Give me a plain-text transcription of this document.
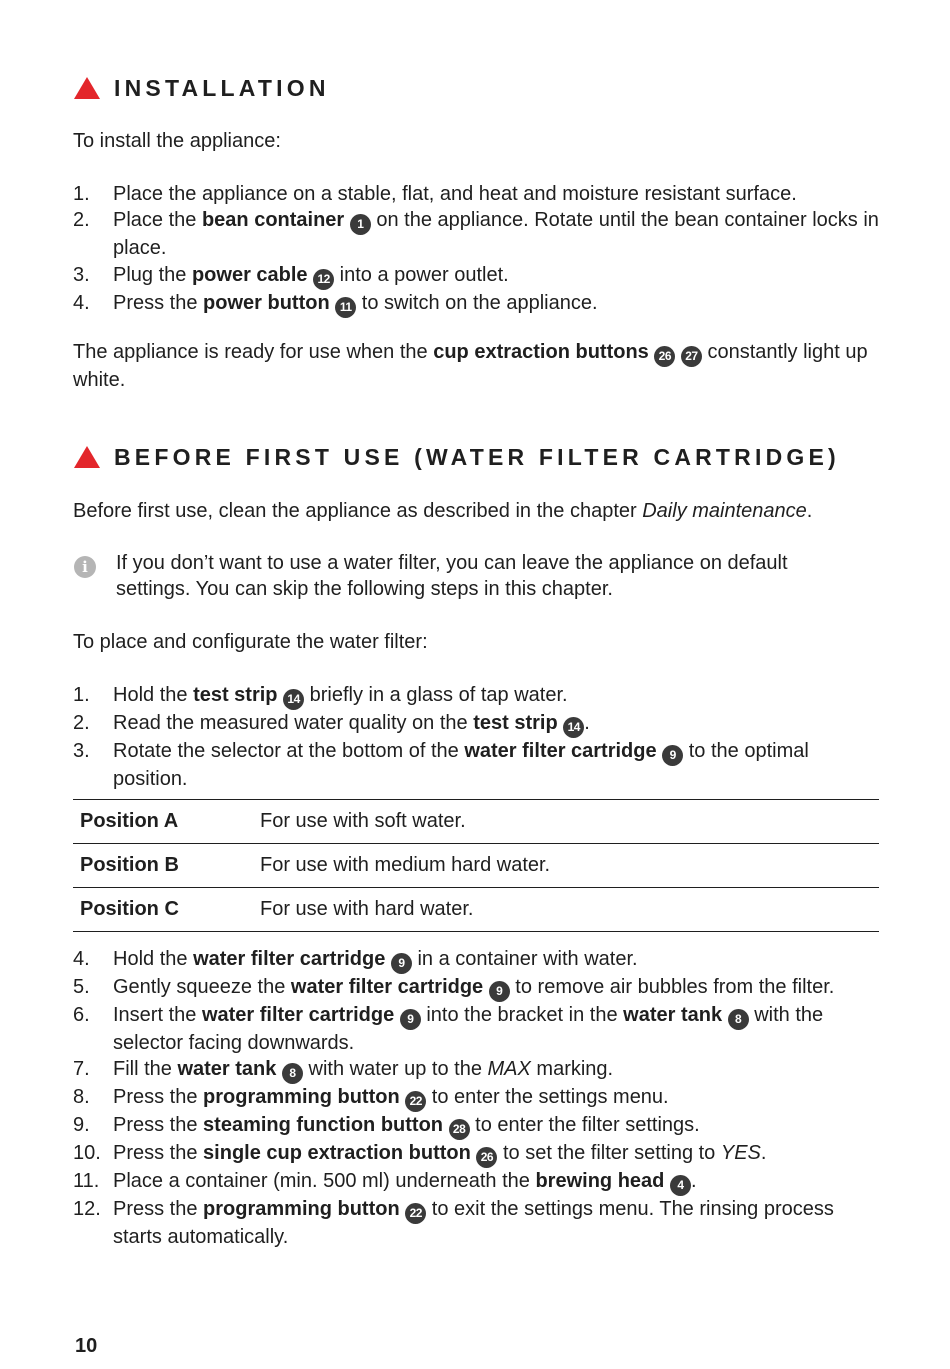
INSTALLATION
To install the appliance:
1. Place the appliance on a stable, flat, and heat and moisture resistant surface.
2. Place the bean container 1 on the appliance. Rotate until the bean container locks in place.
3. Plug the power cable 12 into a power outlet.
4. Press the power button 11 to switch on the appliance.
The appliance is ready for use when the cup extraction buttons 26 27 constantly light up white.
BEFORE FIRST USE (WATER FILTER CARTRIDGE)
Before first use, clean the appliance as described in the chapter Daily maintenance.
i	If you don’t want to use a water filter, you can leave the appliance on default settings. You can skip the following steps in this chapter.
To place and configurate the water filter:
1. Hold the test strip 14 briefly in a glass of tap water.
2. Read the measured water quality on the test strip 14 .
3. Rotate the selector at the bottom of the water filter cartridge 9 to the optimal position.
Position A	For use with soft water.
Position B	For use with medium hard water.
Position C	For use with hard water.
4. Hold the water filter cartridge 9 in a container with water.
5. Gently squeeze the water filter cartridge 9 to remove air bubbles from the filter.
6. Insert the water filter cartridge 9 into the bracket in the water tank 8 with the selector facing downwards.
7. Fill the water tank 8 with water up to the MAX marking.
8. Press the programming button 22 to enter the settings menu.
9. Press the steaming function button 28 to enter the filter settings.
10. Press the single cup extraction button 26 to set the filter setting to YES.
11. Place a container (min. 500 ml) underneath the brewing head 4 .
12. Press the programming button 22 to exit the settings menu. The rinsing process starts automatically.
10
